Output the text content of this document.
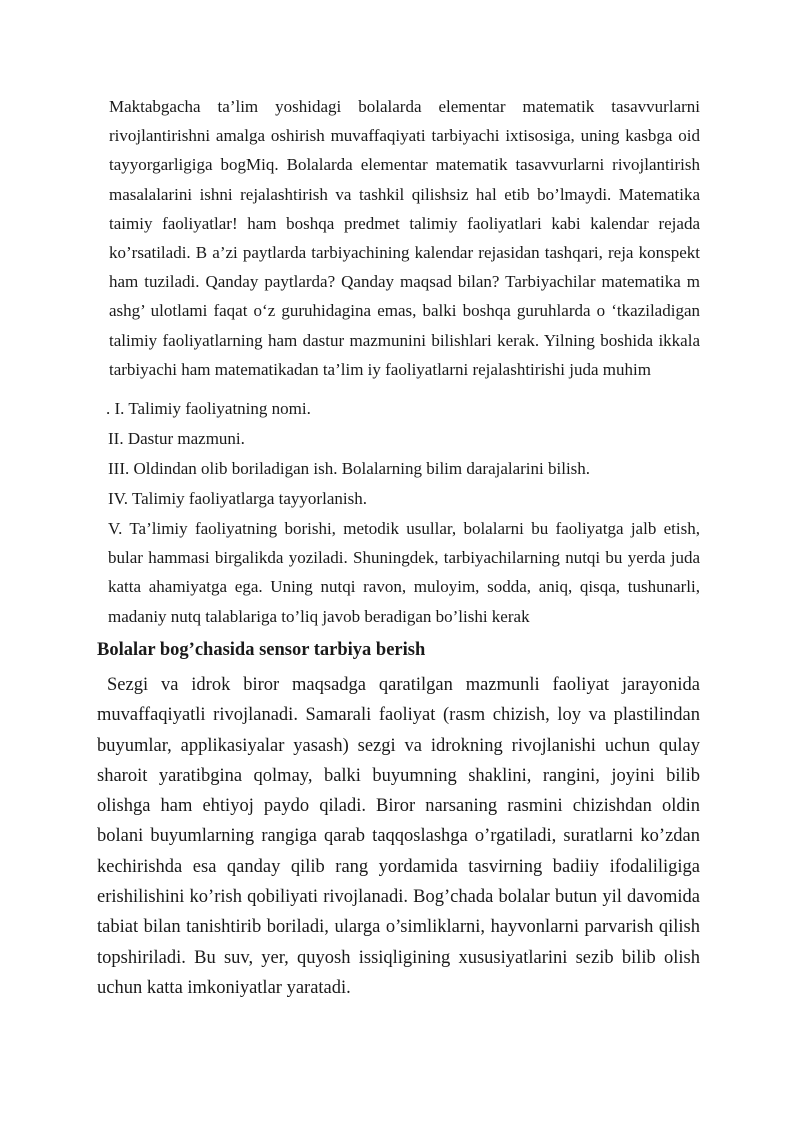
Maktabgacha ta’lim yoshidagi bolalarda elementar matematik tasavvurlarni rivojlantirishni amalga oshirish muvaffaqiyati tarbiyachi ixtisosiga, uning kasbga oid tayyorgarligiga bogMiq. Bolalarda elementar matematik tasavvurlarni rivojlantirish masalalarini ishni rejalashtirish va tashkil qilishsiz hal etib bo’lmaydi. Matematika taimiy faoliyatlar! ham boshqa predmet talimiy faoliyatlari kabi kalendar rejada ko’rsatiladi. B a’zi paytlarda tarbiyachining kalendar rejasidan tashqari, reja konspekt ham tuziladi. Qanday paytlarda? Qanday maqsad bilan? Tarbiyachilar matematika m ashg’ ulotlami faqat o‘z guruhidagina emas, balki boshqa guruhlarda o ‘tkaziladigan talimiy faoliyatlarning ham dastur mazmunini bilishlari kerak. Yilning boshida ikkala tarbiyachi ham matematikadan ta’lim iy faoliyatlarni rejalashtirishi juda muhim

. I. Talimiy faoliyatning nomi.
II. Dastur mazmuni.
III. Oldindan olib boriladigan ish. Bolalarning bilim darajalarini bilish.
IV. Talimiy faoliyatlarga tayyorlanish.

V. Ta’limiy faoliyatning borishi, metodik usullar, bolalarni bu faoliyatga jalb etish, bular hammasi birgalikda yoziladi. Shuningdek, tarbiyachilarning nutqi bu yerda juda katta ahamiyatga ega. Uning nutqi ravon, muloyim, sodda, aniq, qisqa, tushunarli, madaniy nutq talablariga to’liq javob beradigan bo’lishi kerak

Bolalar bog’chasida sensor tarbiya berish

Sezgi va idrok biror maqsadga qaratilgan mazmunli faoliyat jarayonida muvaffaqiyatli rivojlanadi. Samarali faoliyat (rasm chizish, loy va plastilindan buyumlar, applikasiyalar yasash) sezgi va idrokning rivojlanishi uchun qulay sharoit yaratibgina qolmay, balki buyumning shaklini, rangini, joyini bilib olishga ham ehtiyoj paydo qiladi. Biror narsaning rasmini chizishdan oldin bolani buyumlarning rangiga qarab taqqoslashga o’rgatiladi, suratlarni ko’zdan kechirishda esa qanday qilib rang yordamida tasvirning badiiy ifodaliligiga erishilishini ko’rish qobiliyati rivojlanadi. Bog’chada bolalar butun yil davomida tabiat bilan tanishtirib boriladi, ularga o’simliklarni, hayvonlarni parvarish qilish topshiriladi. Bu suv, yer, quyosh issiqligining xususiyatlarini sezib bilib olish uchun katta imkoniyatlar yaratadi.
